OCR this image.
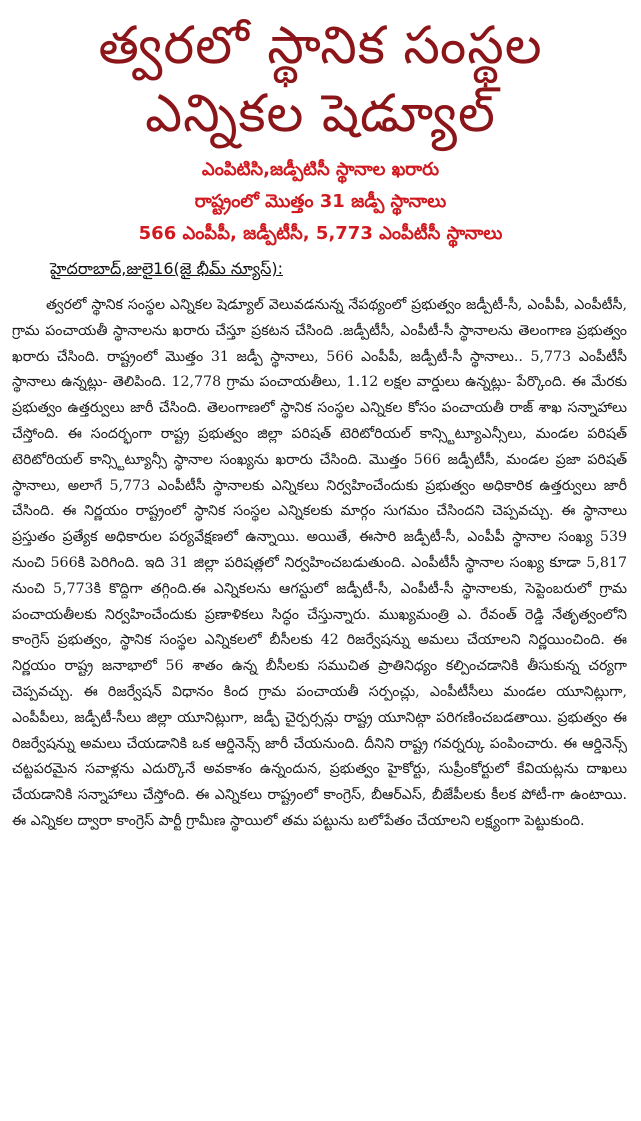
త్వరలో స్థానిక సంస్థల
ఎన్నికల షెడ్యూల్

ఎంపిటిసి,జడ్పీటిసీ స్థానాల ఖరారు

రాష్ట్రంలో మొత్తం 31 జడ్పీ స్థానాలు

566 ఎంపీపీ, జడ్పీటీసీ, 5,773 ఎంపీటీసీ స్థానాలు

హైదరాబాద్,జులై16(జై భీమ్ న్యూస్):

త్వరలో స్థానిక సంస్థల ఎన్నికల షెడ్యూల్ వెలువడనున్న నేపథ్యంలో ప్రభుత్వం జడ్పీటీ-సీ, ఎంపీపీ, ఎంపీటీసీ, గ్రామ పంచాయతీ స్థానాలను ఖరారు చేస్తూ ప్రకటన చేసింది .జడ్పీటీసీ, ఎంపీటీ-సీ స్థానాలను తెలంగాణ ప్రభుత్వం ఖరారు చేసింది. రాష్ట్రంలో మొత్తం 31 జడ్పీ స్థానాలు, 566 ఎంపీపీ, జడ్పీటీ-సీ స్థానాలు.. 5,773 ఎంపీటీసీ స్థానాలు ఉన్నట్లు- తెలిపింది. 12,778 గ్రామ పంచాయతీలు, 1.12 లక్షల వార్డులు ఉన్నట్లు- పేర్కొంది. ఈ మేరకు ప్రభుత్వం ఉత్తర్వులు జారీ చేసింది. తెలంగాణలో స్థానిక సంస్థల ఎన్నికల కోసం పంచాయతీ రాజ్ శాఖ సన్నాహాలు చేస్తోంది. ఈ సందర్భంగా రాష్ట్ర ప్రభుత్వం జిల్లా పరిషత్ టెరిటోరియల్ కాన్స్టిట్యూఎన్సీలు, మండల పరిషత్ టెరిటోరియల్ కాన్స్టిట్యూన్సీ స్థానాల సంఖ్యను ఖరారు చేసింది. మొత్తం 566 జడ్పీటీసీ, మండల ప్రజా పరిషత్ స్థానాలు, అలాగే 5,773 ఎంపీటీసీ స్థానాలకు ఎన్నికలు నిర్వహించేందుకు ప్రభుత్వం అధికారిక ఉత్తర్వులు జారీ చేసింది. ఈ నిర్ణయం రాష్ట్రంలో స్థానిక సంస్థల ఎన్నికలకు మార్గం సుగమం చేసిందని చెప్పవచ్చు. ఈ స్థానాలు ప్రస్తుతం ప్రత్యేక అధికారుల పర్యవేక్షణలో ఉన్నాయి. అయితే, ఈసారి జడ్పీటీ-సీ, ఎంపీపీ స్థానాల సంఖ్య 539 నుంచి 566కి పెరిగింది. ఇది 31 జిల్లా పరిషత్లలో నిర్వహించబడుతుంది. ఎంపీటీసీ స్థానాల సంఖ్య కూడా 5,817 నుంచి 5,773కి కొద్దిగా తగ్గింది.ఈ ఎన్నికలను ఆగస్టులో జడ్పీటీ-సీ, ఎంపీటీ-సీ స్థానాలకు, సెప్టెంబరులో గ్రామ పంచాయతీలకు నిర్వహించేందుకు ప్రణాళికలు సిద్ధం చేస్తున్నారు. ముఖ్యమంత్రి ఎ. రేవంత్ రెడ్డి నేతృత్వంలోని కాంగ్రెస్ ప్రభుత్వం, స్థానిక సంస్థల ఎన్నికలలో బీసీలకు 42 రిజర్వేషన్ను అమలు చేయాలని నిర్ణయించింది. ఈ నిర్ణయం రాష్ట్ర జనాభాలో 56 శాతం ఉన్న బీసీలకు సముచిత ప్రాతినిధ్యం కల్పించడానికి తీసుకున్న చర్యగా చెప్పవచ్చు. ఈ రిజర్వేషన్ విధానం కింద గ్రామ పంచాయతీ సర్పంచ్లు, ఎంపీటీసీలు మండల యూనిట్లుగా, ఎంపీపీలు, జడ్పీటీ-సీలు జిల్లా యూనిట్లుగా, జడ్పీ చైర్పర్సన్లు రాష్ట్ర యూనిట్గా పరిగణించబడతాయి. ప్రభుత్వం ఈ రిజర్వేషన్ను అమలు చేయడానికి ఒక ఆర్డినెన్స్ జారీ చేయనుంది. దీనిని రాష్ట్ర గవర్నర్కు పంపించారు. ఈ ఆర్డినెన్స్ చట్టపరమైన సవాళ్లను ఎదుర్కొనే అవకాశం ఉన్నందున, ప్రభుత్వం హైకోర్టు, సుప్రీంకోర్టులో కేవియట్లను దాఖలు చేయడానికి సన్నాహాలు చేస్తోంది. ఈ ఎన్నికలు రాష్ట్రంలో కాంగ్రెస్, బీఆర్ఎస్, బీజేపీలకు కీలక పోటీ-గా ఉంటాయి. ఈ ఎన్నికల ద్వారా కాంగ్రెస్ పార్టీ గ్రామీణ స్థాయిలో తమ పట్టును బలోపేతం చేయాలని లక్ష్యంగా పెట్టుకుంది.
